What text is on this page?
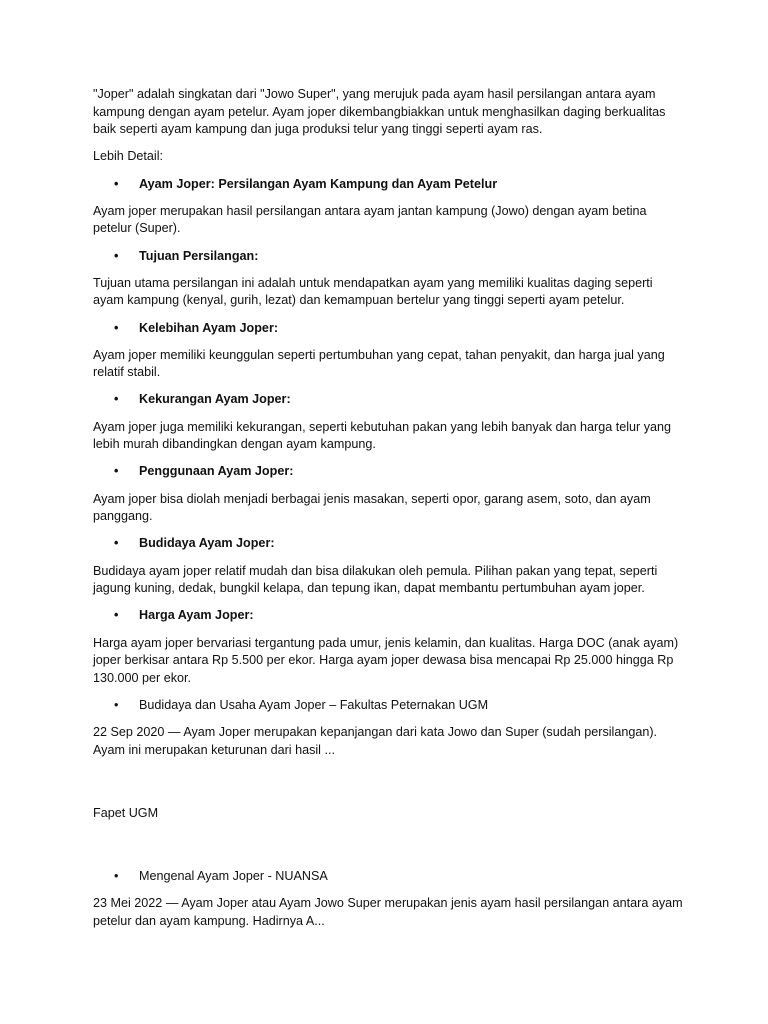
"Joper" adalah singkatan dari "Jowo Super", yang merujuk pada ayam hasil persilangan antara ayam kampung dengan ayam petelur. Ayam joper dikembangbiakkan untuk menghasilkan daging berkualitas baik seperti ayam kampung dan juga produksi telur yang tinggi seperti ayam ras.

Lebih Detail:

• Ayam Joper: Persilangan Ayam Kampung dan Ayam Petelur

Ayam joper merupakan hasil persilangan antara ayam jantan kampung (Jowo) dengan ayam betina petelur (Super).

• Tujuan Persilangan:

Tujuan utama persilangan ini adalah untuk mendapatkan ayam yang memiliki kualitas daging seperti ayam kampung (kenyal, gurih, lezat) dan kemampuan bertelur yang tinggi seperti ayam petelur.

• Kelebihan Ayam Joper:

Ayam joper memiliki keunggulan seperti pertumbuhan yang cepat, tahan penyakit, dan harga jual yang relatif stabil.

• Kekurangan Ayam Joper:

Ayam joper juga memiliki kekurangan, seperti kebutuhan pakan yang lebih banyak dan harga telur yang lebih murah dibandingkan dengan ayam kampung.

• Penggunaan Ayam Joper:

Ayam joper bisa diolah menjadi berbagai jenis masakan, seperti opor, garang asem, soto, dan ayam panggang.

• Budidaya Ayam Joper:

Budidaya ayam joper relatif mudah dan bisa dilakukan oleh pemula. Pilihan pakan yang tepat, seperti jagung kuning, dedak, bungkil kelapa, dan tepung ikan, dapat membantu pertumbuhan ayam joper.

• Harga Ayam Joper:

Harga ayam joper bervariasi tergantung pada umur, jenis kelamin, dan kualitas. Harga DOC (anak ayam) joper berkisar antara Rp 5.500 per ekor. Harga ayam joper dewasa bisa mencapai Rp 25.000 hingga Rp 130.000 per ekor.

• Budidaya dan Usaha Ayam Joper – Fakultas Peternakan UGM

22 Sep 2020 — Ayam Joper merupakan kepanjangan dari kata Jowo dan Super (sudah persilangan). Ayam ini merupakan keturunan dari hasil ...

Fapet UGM

• Mengenal Ayam Joper - NUANSA

23 Mei 2022 — Ayam Joper atau Ayam Jowo Super merupakan jenis ayam hasil persilangan antara ayam petelur dan ayam kampung. Hadirnya A...
